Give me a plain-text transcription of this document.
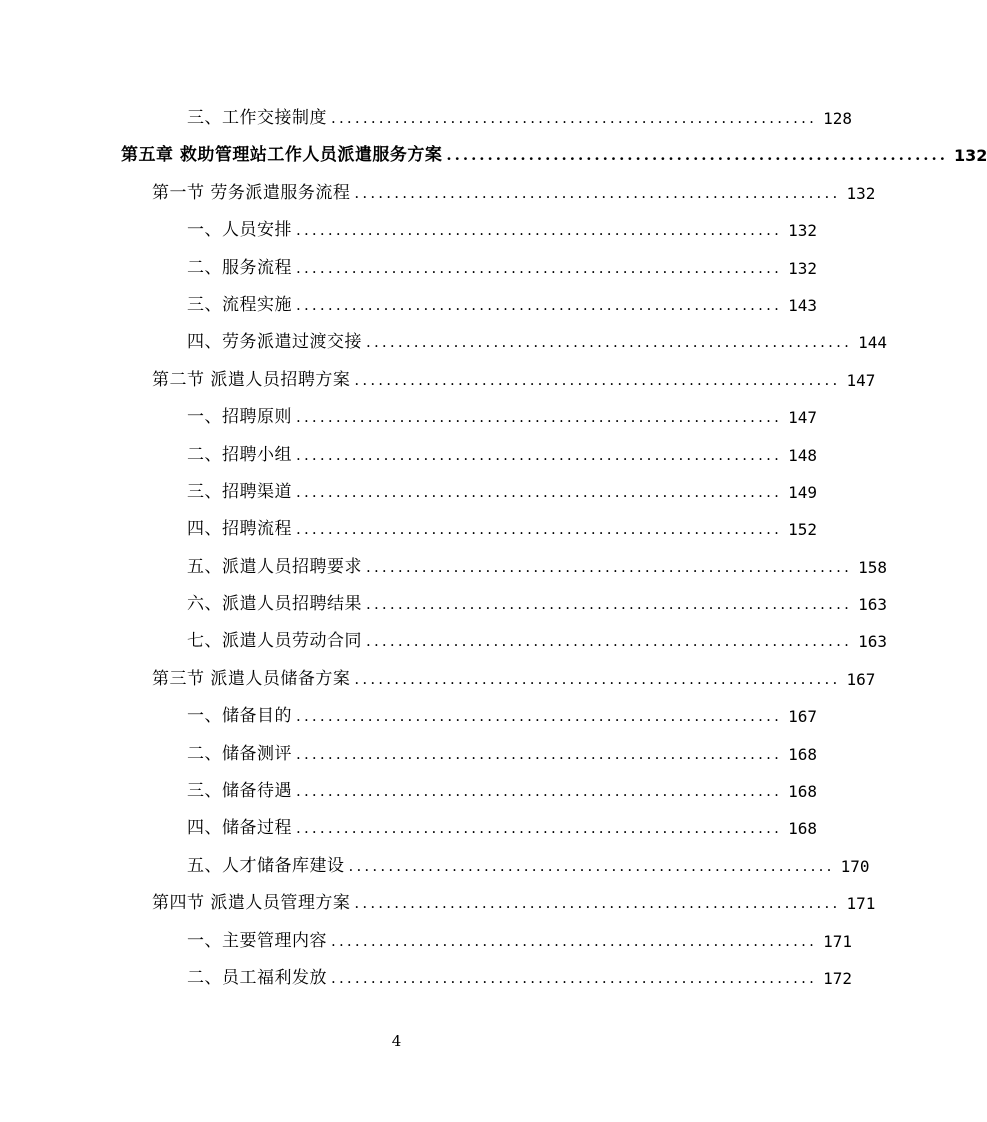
三、工作交接制度 ............................................................. 128
第五章 救助管理站工作人员派遣服务方案 ............................................................. 132
第一节 劳务派遣服务流程 ............................................................. 132
一、人员安排 ............................................................. 132
二、服务流程 ............................................................. 132
三、流程实施 ............................................................. 143
四、劳务派遣过渡交接 ............................................................. 144
第二节 派遣人员招聘方案 ............................................................. 147
一、招聘原则 ............................................................. 147
二、招聘小组 ............................................................. 148
三、招聘渠道 ............................................................. 149
四、招聘流程 ............................................................. 152
五、派遣人员招聘要求 ............................................................. 158
六、派遣人员招聘结果 ............................................................. 163
七、派遣人员劳动合同 ............................................................. 163
第三节 派遣人员储备方案 ............................................................. 167
一、储备目的 ............................................................. 167
二、储备测评 ............................................................. 168
三、储备待遇 ............................................................. 168
四、储备过程 ............................................................. 168
五、人才储备库建设 ............................................................. 170
第四节 派遣人员管理方案 ............................................................. 171
一、主要管理内容 ............................................................. 171
二、员工福利发放 ............................................................. 172
4
